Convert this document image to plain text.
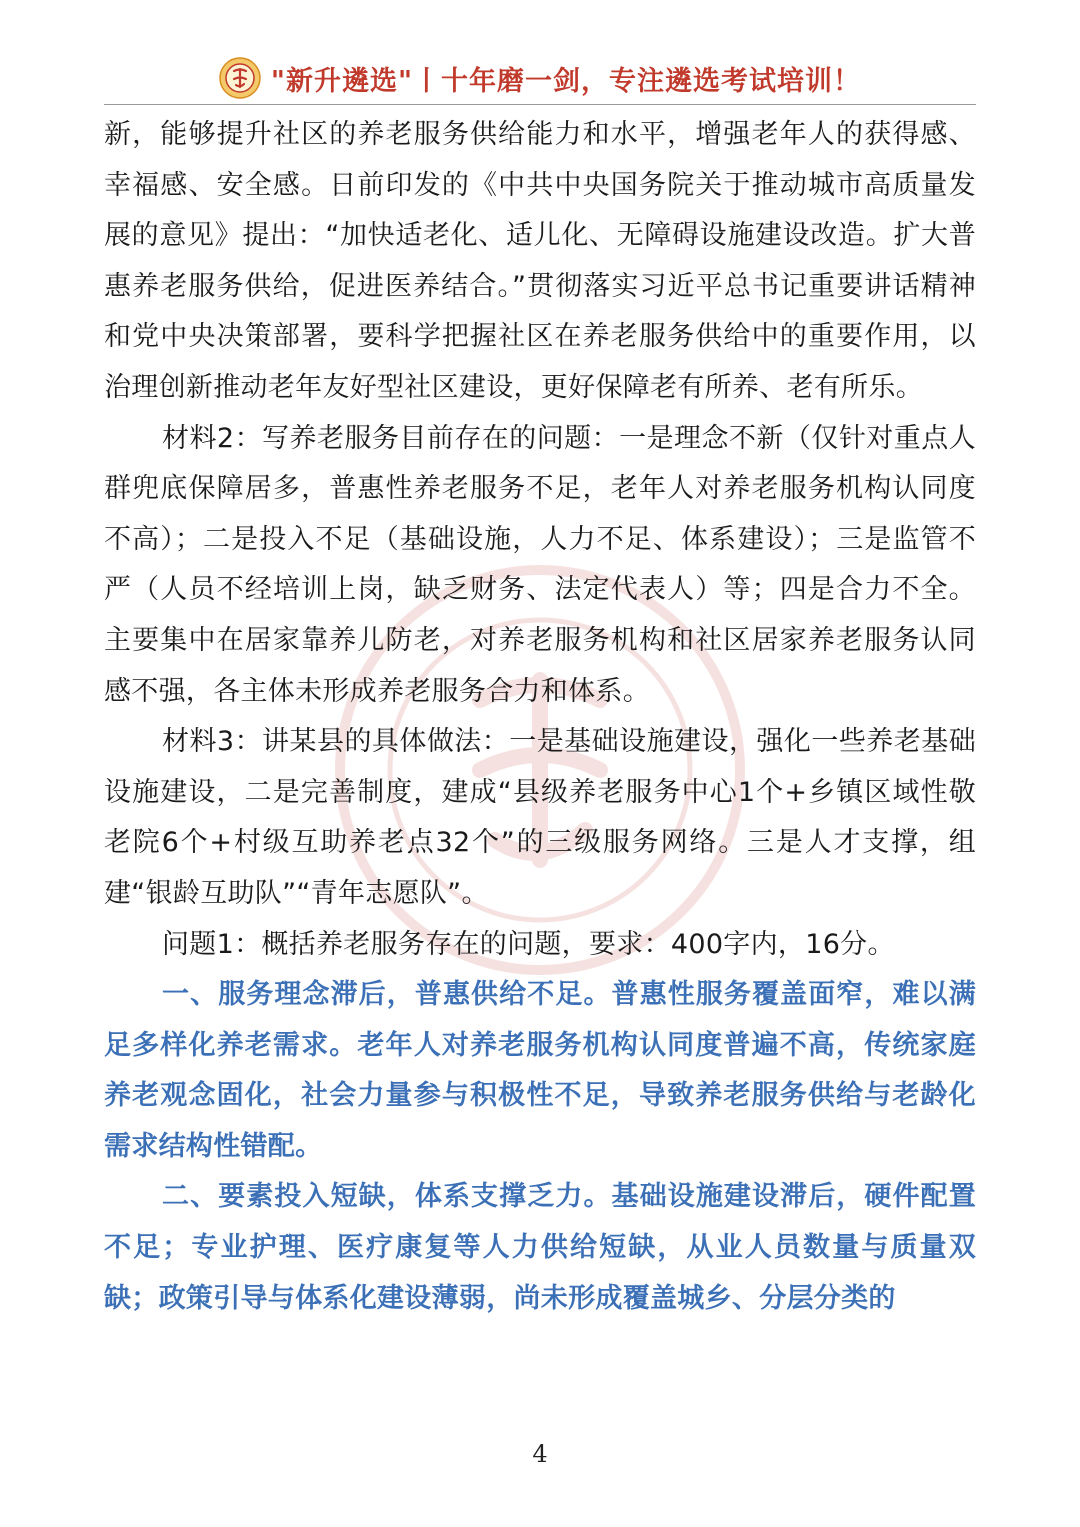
"新升遴选"丨十年磨一剑，专注遴选考试培训！

新，能够提升社区的养老服务供给能力和水平，增强老年人的获得感、幸福感、安全感。日前印发的《中共中央国务院关于推动城市高质量发展的意见》提出：“加快适老化、适儿化、无障碍设施建设改造。扩大普惠养老服务供给，促进医养结合。”贯彻落实习近平总书记重要讲话精神和党中央决策部署，要科学把握社区在养老服务供给中的重要作用，以治理创新推动老年友好型社区建设，更好保障老有所养、老有所乐。

材料2：写养老服务目前存在的问题：一是理念不新（仅针对重点人群兜底保障居多，普惠性养老服务不足，老年人对养老服务机构认同度不高）；二是投入不足（基础设施，人力不足、体系建设）；三是监管不严（人员不经培训上岗，缺乏财务、法定代表人）等；四是合力不全。主要集中在居家靠养儿防老，对养老服务机构和社区居家养老服务认同感不强，各主体未形成养老服务合力和体系。

材料3：讲某县的具体做法：一是基础设施建设，强化一些养老基础设施建设，二是完善制度，建成“县级养老服务中心1个+乡镇区域性敬老院6个+村级互助养老点32个”的三级服务网络。三是人才支撑，组建“银龄互助队”“青年志愿队”。

问题1：概括养老服务存在的问题，要求：400字内，16分。

一、服务理念滞后，普惠供给不足。普惠性服务覆盖面窄，难以满足多样化养老需求。老年人对养老服务机构认同度普遍不高，传统家庭养老观念固化，社会力量参与积极性不足，导致养老服务供给与老龄化需求结构性错配。

二、要素投入短缺，体系支撑乏力。基础设施建设滞后，硬件配置不足；专业护理、医疗康复等人力供给短缺，从业人员数量与质量双缺；政策引导与体系化建设薄弱，尚未形成覆盖城乡、分层分类的

4
